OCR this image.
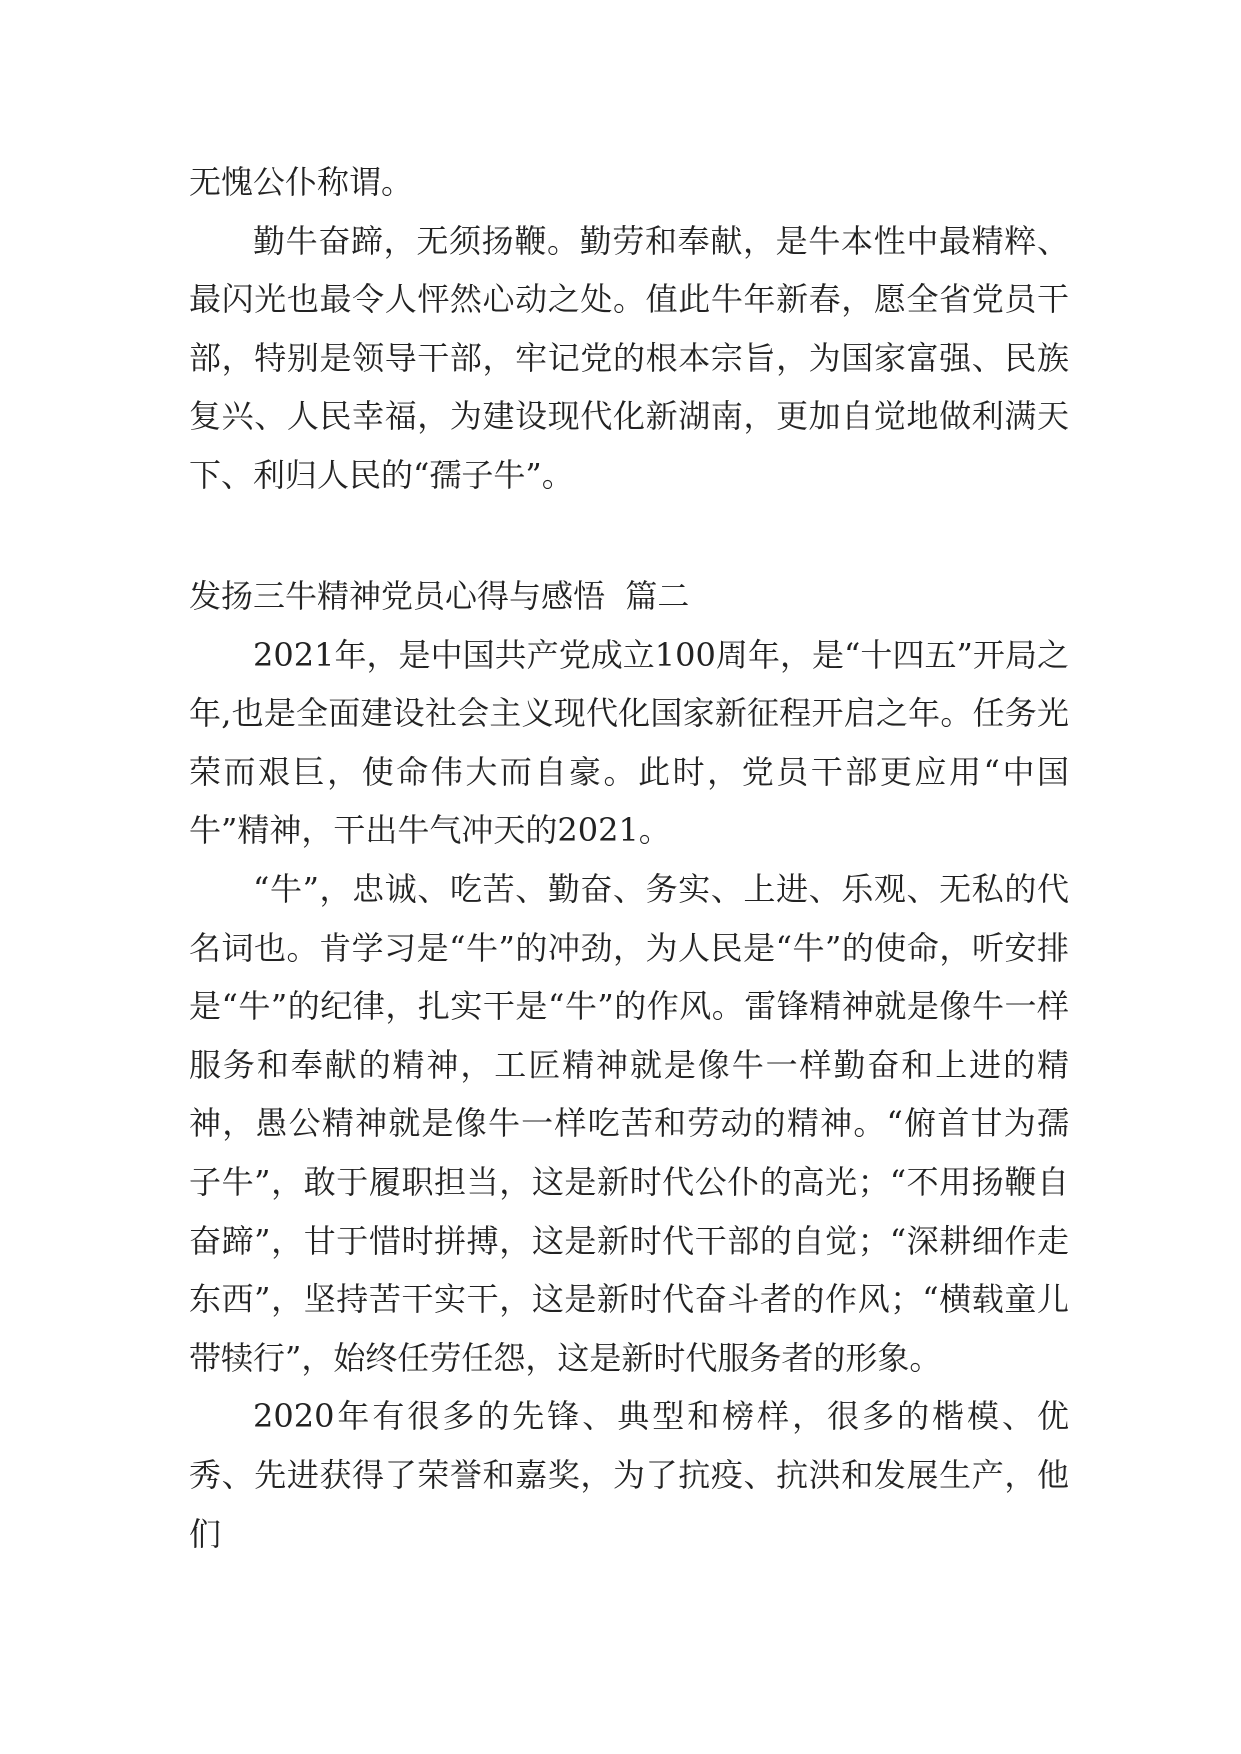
无愧公仆称谓。

勤牛奋蹄，无须扬鞭。勤劳和奉献，是牛本性中最精粹、最闪光也最令人怦然心动之处。值此牛年新春，愿全省党员干部，特别是领导干部，牢记党的根本宗旨，为国家富强、民族复兴、人民幸福，为建设现代化新湖南，更加自觉地做利满天下、利归人民的“孺子牛”。

发扬三牛精神党员心得与感悟  篇二

2021年，是中国共产党成立100周年，是“十四五”开局之年,也是全面建设社会主义现代化国家新征程开启之年。任务光荣而艰巨，使命伟大而自豪。此时，党员干部更应用“中国牛”精神，干出牛气冲天的2021。

“牛”，忠诚、吃苦、勤奋、务实、上进、乐观、无私的代名词也。肯学习是“牛”的冲劲，为人民是“牛”的使命，听安排是“牛”的纪律，扎实干是“牛”的作风。雷锋精神就是像牛一样服务和奉献的精神，工匠精神就是像牛一样勤奋和上进的精神，愚公精神就是像牛一样吃苦和劳动的精神。“俯首甘为孺子牛”，敢于履职担当，这是新时代公仆的高光；“不用扬鞭自奋蹄”，甘于惜时拼搏，这是新时代干部的自觉；“深耕细作走东西”，坚持苦干实干，这是新时代奋斗者的作风；“横载童儿带犊行”，始终任劳任怨，这是新时代服务者的形象。

2020年有很多的先锋、典型和榜样，很多的楷模、优秀、先进获得了荣誉和嘉奖，为了抗疫、抗洪和发展生产，他们
